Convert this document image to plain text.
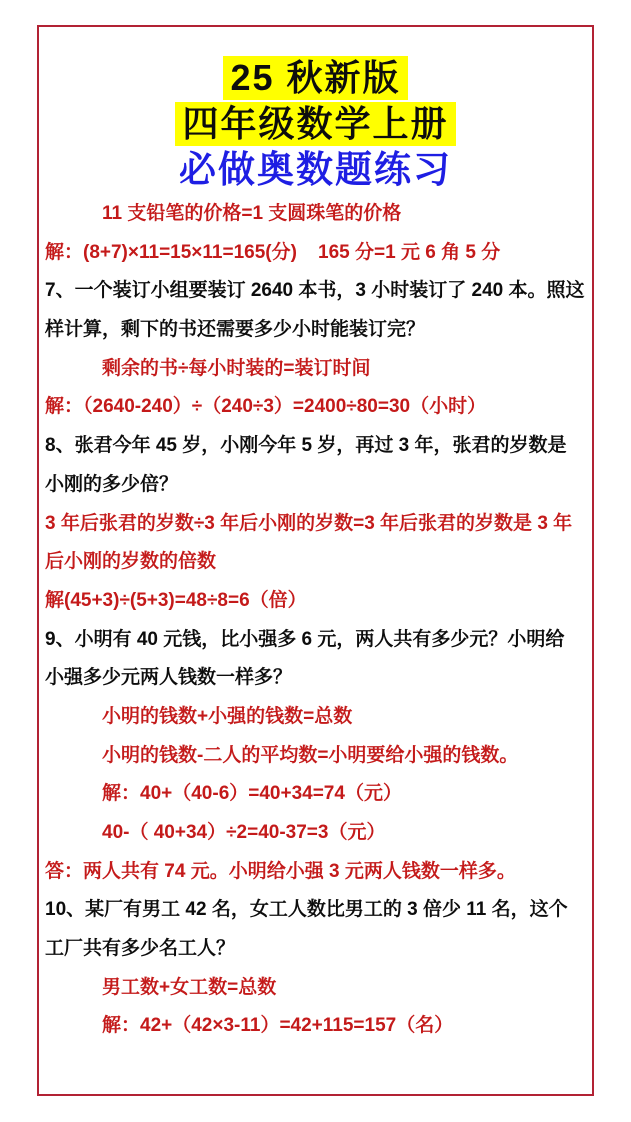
25 秋新版
四年级数学上册
必做奥数题练习
11 支铅笔的价格=1 支圆珠笔的价格
解：(8+7)×11=15×11=165(分)    165 分=1 元 6 角 5 分
7、一个装订小组要装订 2640 本书，3 小时装订了 240 本。照这
样计算，剩下的书还需要多少小时能装订完？
剩余的书÷每小时装的=装订时间
解：（2640-240）÷（240÷3）=2400÷80=30（小时）
8、张君今年 45 岁，小刚今年 5 岁，再过 3 年，张君的岁数是
小刚的多少倍？
3 年后张君的岁数÷3 年后小刚的岁数=3 年后张君的岁数是 3 年
后小刚的岁数的倍数
解(45+3)÷(5+3)=48÷8=6（倍）
9、小明有 40 元钱，比小强多 6 元，两人共有多少元？小明给
小强多少元两人钱数一样多？
小明的钱数+小强的钱数=总数
小明的钱数-二人的平均数=小明要给小强的钱数。
解：40+（40-6）=40+34=74（元）
40-（ 40+34）÷2=40-37=3（元）
答：两人共有 74 元。小明给小强 3 元两人钱数一样多。
10、某厂有男工 42 名，女工人数比男工的 3 倍少 11 名，这个
工厂共有多少名工人？
男工数+女工数=总数
解：42+（42×3-11）=42+115=157（名）
